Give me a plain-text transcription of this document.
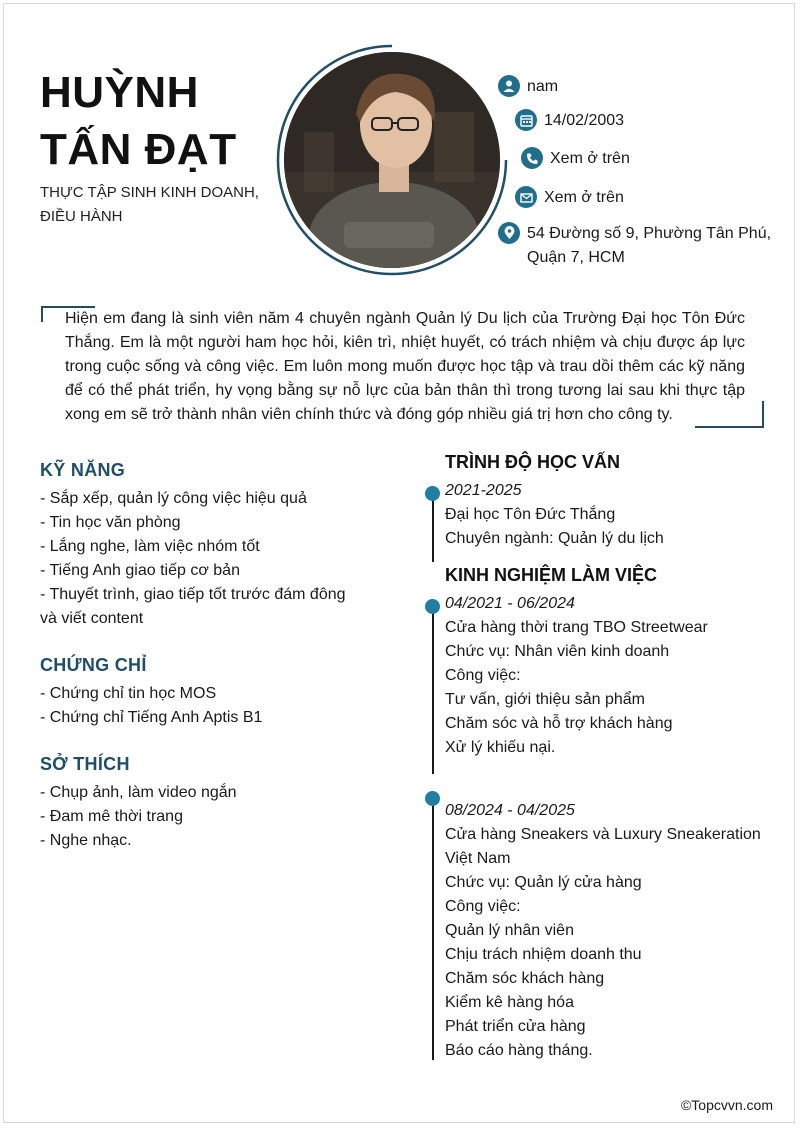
HUỲNH
TẤN ĐẠT
THỰC TẬP SINH KINH DOANH,
ĐIỀU HÀNH
nam
14/02/2003
Xem ở trên
Xem ở trên
54 Đường số 9, Phường Tân Phú,
Quận 7, HCM

Hiện em đang là sinh viên năm 4 chuyên ngành Quản lý Du lịch của Trường Đại học Tôn Đức Thắng. Em là một người ham học hỏi, kiên trì, nhiệt huyết, có trách nhiệm và chịu được áp lực trong cuộc sống và công việc. Em luôn mong muốn được học tập và trau dồi thêm các kỹ năng để có thể phát triển, hy vọng bằng sự nỗ lực của bản thân thì trong tương lai sau khi thực tập xong em sẽ trở thành nhân viên chính thức và đóng góp nhiều giá trị hơn cho công ty.

KỸ NĂNG
- Sắp xếp, quản lý công việc hiệu quả
- Tin học văn phòng
- Lắng nghe, làm việc nhóm tốt
- Tiếng Anh giao tiếp cơ bản
- Thuyết trình, giao tiếp tốt trước đám đông và viết content
CHỨNG CHỈ
- Chứng chỉ tin học MOS
- Chứng chỉ Tiếng Anh Aptis B1
SỞ THÍCH
- Chụp ảnh, làm video ngắn
- Đam mê thời trang
- Nghe nhạc.
TRÌNH ĐỘ HỌC VẤN
2021-2025
Đại học Tôn Đức Thắng
Chuyên ngành: Quản lý du lịch
KINH NGHIỆM LÀM VIỆC
04/2021 - 06/2024
Cửa hàng thời trang TBO Streetwear
Chức vụ: Nhân viên kinh doanh
Công việc:
Tư vấn, giới thiệu sản phẩm
Chăm sóc và hỗ trợ khách hàng
Xử lý khiếu nại.
08/2024 - 04/2025
Cửa hàng Sneakers và Luxury Sneakeration Việt Nam
Chức vụ: Quản lý cửa hàng
Công việc:
Quản lý nhân viên
Chịu trách nhiệm doanh thu
Chăm sóc khách hàng
Kiểm kê hàng hóa
Phát triển cửa hàng
Báo cáo hàng tháng.
©Topcvvn.com
